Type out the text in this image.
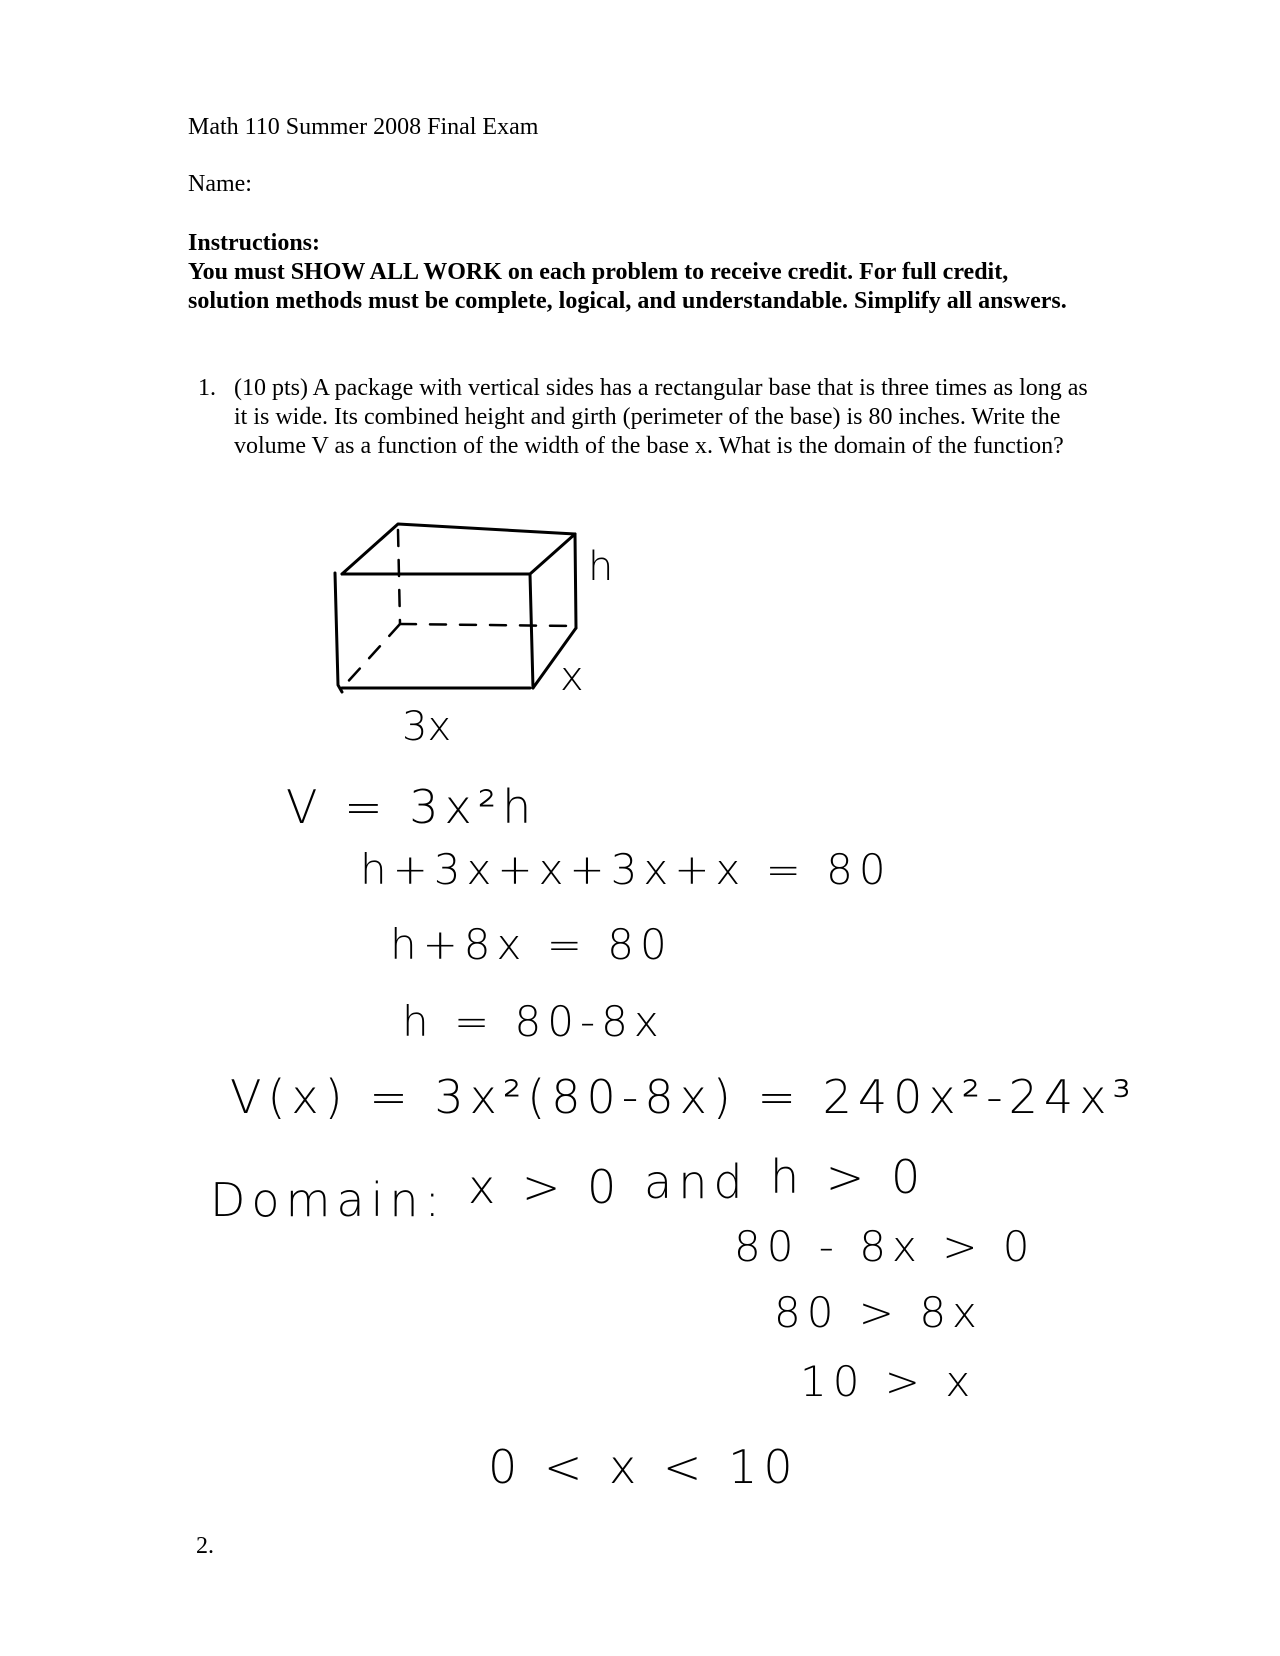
Math 110 Summer 2008 Final Exam

Name:

Instructions:

You must SHOW ALL WORK on each problem to receive credit. For full credit, solution methods must be complete, logical, and understandable. Simplify all answers.

1. (10 pts) A package with vertical sides has a rectangular base that is three times as long as it is wide. Its combined height and girth (perimeter of the base) is 80 inches. Write the volume V as a function of the width of the base x. What is the domain of the function?

h
x
3x
V = 3x²h
h+3x+x+3x+x = 80
h+8x = 80
h = 80-8x
V(x) = 3x²(80-8x) = 240x²-24x³
Domain: x > 0 and h > 0
80 - 8x > 0
80 > 8x
10 > x
0 < x < 10

2.
